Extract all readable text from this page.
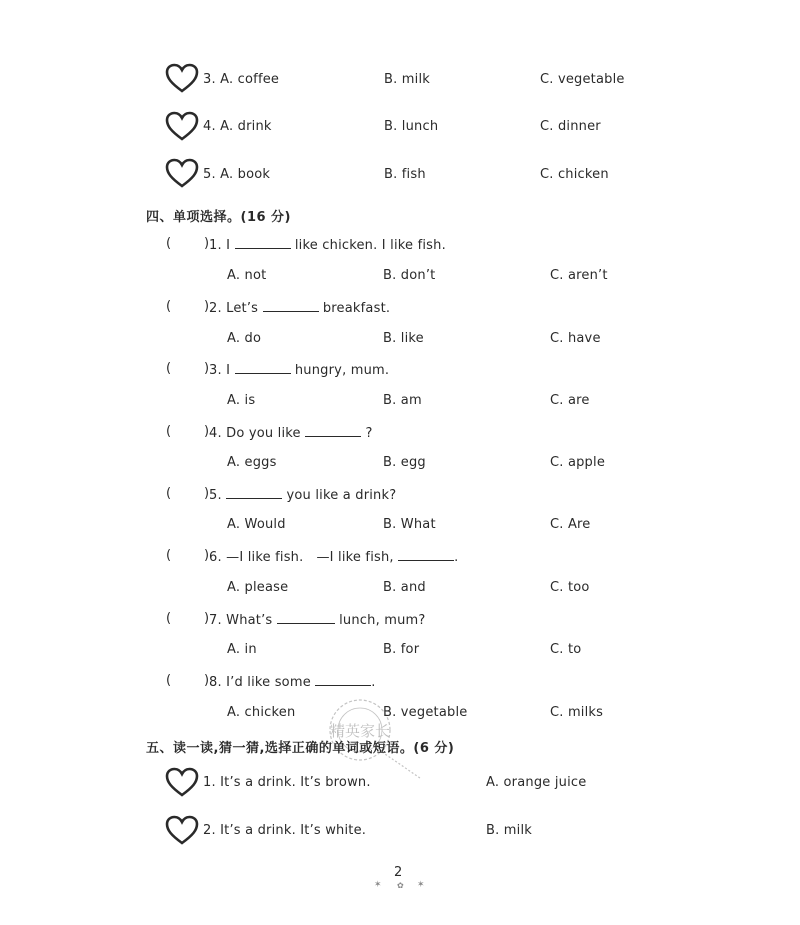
3. A. coffee	B. milk	C. vegetable
4. A. drink	B. lunch	C. dinner
5. A. book	B. fish	C. chicken
四、单项选择。(16 分)
(	) 1. I	like chicken. I like fish.
A. not	B. don’t	C. aren’t
(	) 2. Let’s	breakfast.
A. do	B. like	C. have
(	) 3. I	hungry, mum.
A. is	B. am	C. are
(	) 4. Do you like	?
A. eggs	B. egg	C. apple
(	) 5.	you like a drink?
A. Would	B. What	C. Are
(	) 6. —I like fish.   —I like fish,	.
A. please	B. and	C. too
(	) 7. What’s	lunch, mum?
A. in	B. for	C. to
(	) 8. I’d like some	.
A. chicken	B. vegetable	C. milks
精英家长
五、读一读,猜一猜,选择正确的单词或短语。(6 分)
1. It’s a drink. It’s brown.	A. orange juice
2. It’s a drink. It’s white.	B. milk
2
✶ ✿ ✶
